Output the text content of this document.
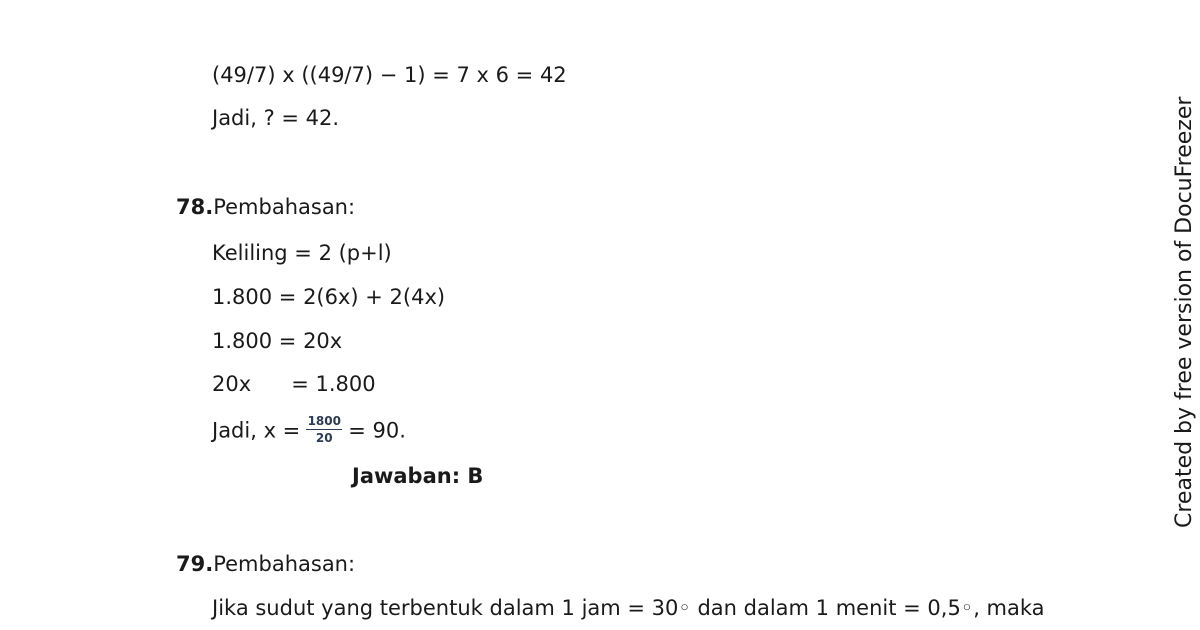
(49/7) x ((49/7) − 1) = 7 x 6 = 42
Jadi, ? = 42.
78.Pembahasan:
Keliling = 2 (p+l)
1.800 = 2(6x) + 2(4x)
1.800 = 20x
20x      = 1.800
Jadi, $x = \frac{1800}{20} = 90$.
Jawaban: B
79.Pembahasan:
Jika sudut yang terbentuk dalam 1 jam = 30◦ dan dalam 1 menit = 0,5◦, maka
Created by free version of DocuFreezer
